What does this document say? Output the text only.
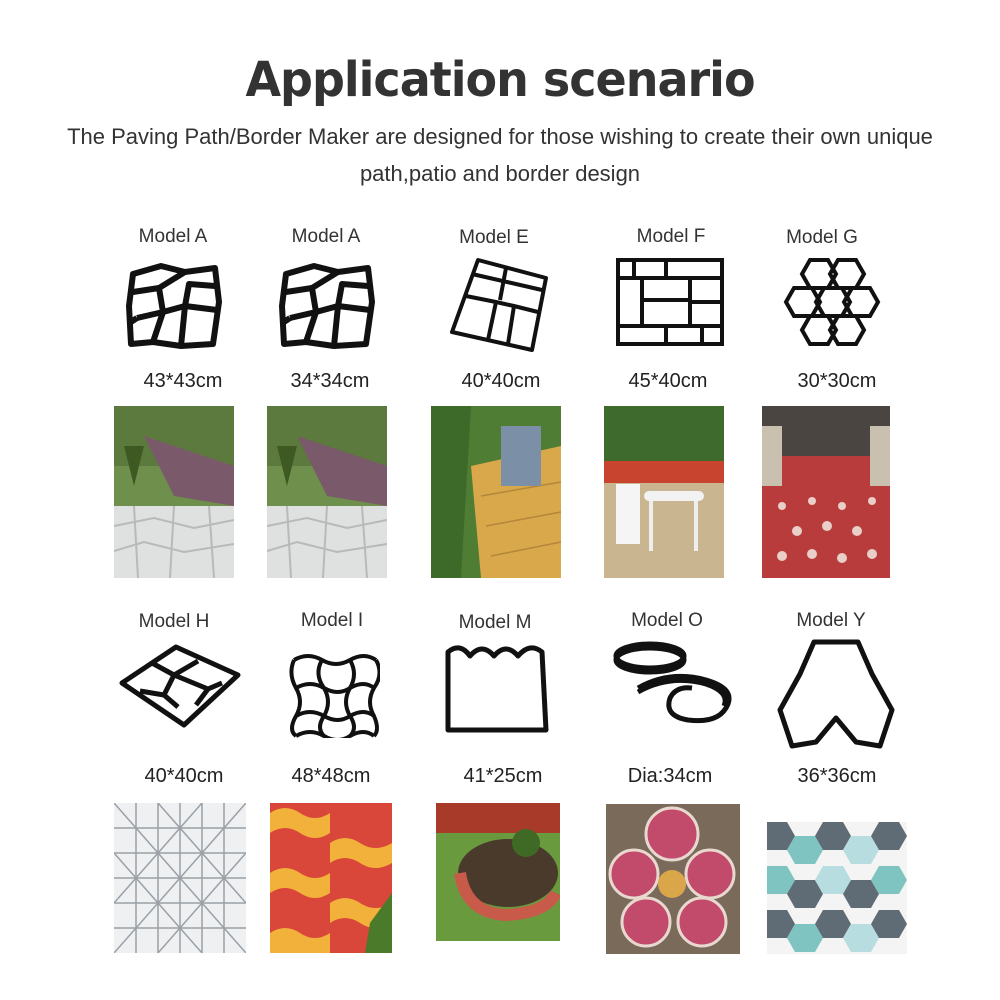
Application scenario
The Paving Path/Border Maker are designed for those wishing to create their own unique
path,patio and border design
Model A	Model A	Model E	Model F	Model G
43*43cm	34*34cm	40*40cm	45*40cm	30*30cm
Model H	Model I	Model M	Model O	Model Y
40*40cm	48*48cm	41*25cm	Dia:34cm	36*36cm
